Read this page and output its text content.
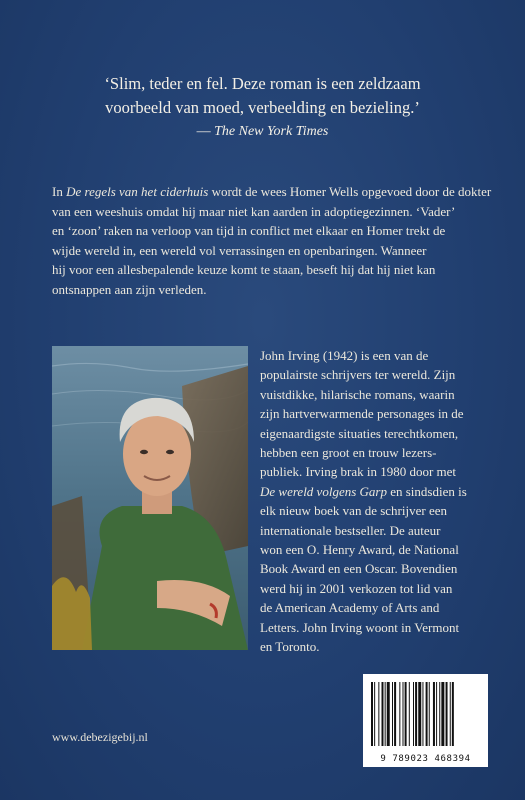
‘Slim, teder en fel. Deze roman is een zeldzaam
voorbeeld van moed, verbeelding en bezieling.’
— The New York Times
In De regels van het ciderhuis wordt de wees Homer Wells opgevoed door de dokter
van een weeshuis omdat hij maar niet kan aarden in adoptiegezinnen. ‘Vader’
en ‘zoon’ raken na verloop van tijd in conflict met elkaar en Homer trekt de
wijde wereld in, een wereld vol verrassingen en openbaringen. Wanneer
hij voor een allesbepalende keuze komt te staan, beseft hij dat hij niet kan
ontsnappen aan zijn verleden.
John Irving (1942) is een van de
populairste schrijvers ter wereld. Zijn
vuistdikke, hilarische romans, waarin
zijn hartverwarmende personages in de
eigenaardigste situaties terechtkomen,
hebben een groot en trouw lezers-
publiek. Irving brak in 1980 door met
De wereld volgens Garp en sindsdien is
elk nieuw boek van de schrijver een
internationale bestseller. De auteur
won een O. Henry Award, de National
Book Award en een Oscar. Bovendien
werd hij in 2001 verkozen tot lid van
de American Academy of Arts and
Letters. John Irving woont in Vermont
en Toronto.
www.debezigebij.nl
9 789023 468394
